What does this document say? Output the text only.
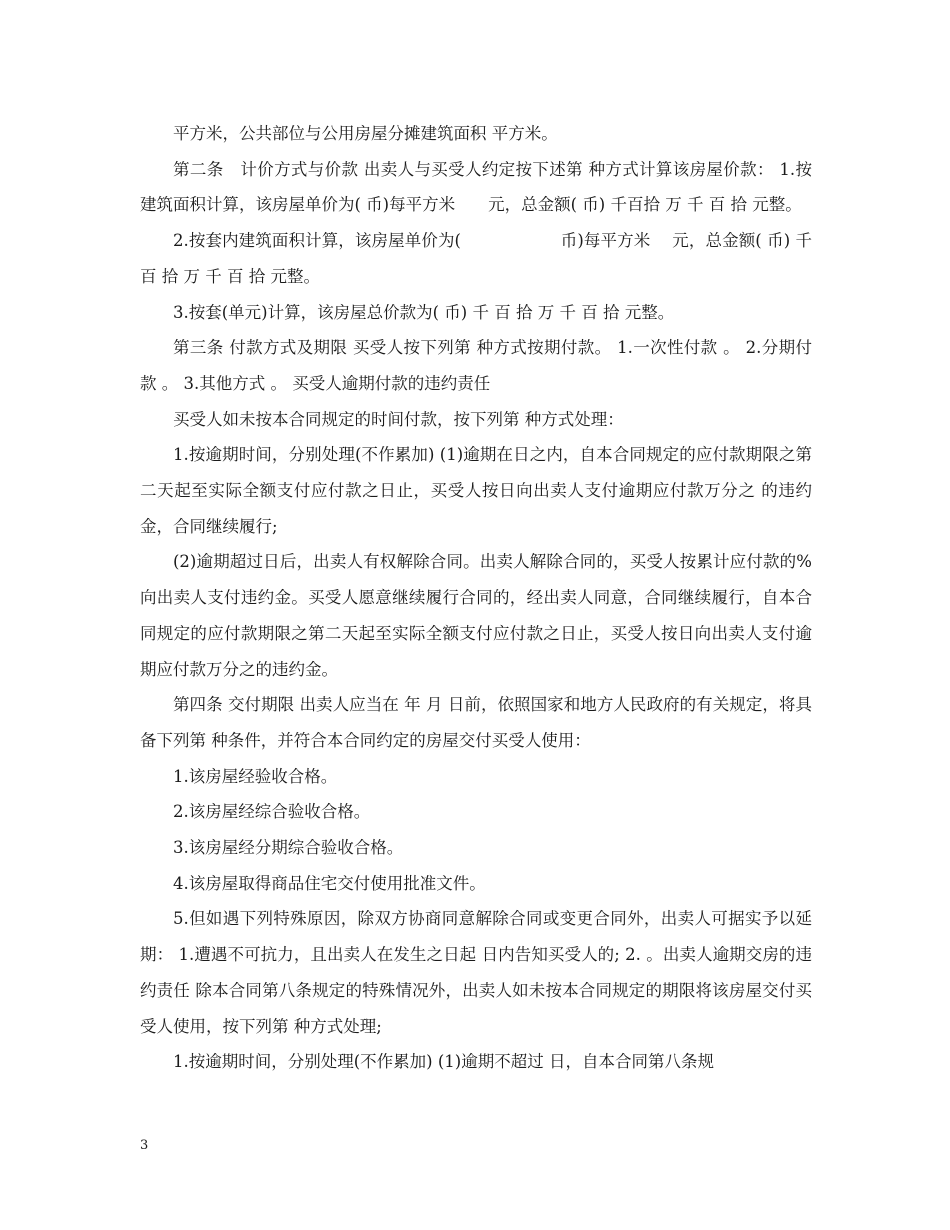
平方米，公共部位与公用房屋分摊建筑面积 平方米。

第二条　计价方式与价款 出卖人与买受人约定按下述第 种方式计算该房屋价款： 1.按建筑面积计算，该房屋单价为( 币)每平方米　　元，总金额( 币) 千百拾 万 千 百 拾 元整。

2.按套内建筑面积计算，该房屋单价为(　　　　　　币)每平方米　 元，总金额( 币) 千 百 拾 万 千 百 拾 元整。

3.按套(单元)计算，该房屋总价款为( 币) 千 百 拾 万 千 百 拾 元整。

第三条 付款方式及期限 买受人按下列第 种方式按期付款。 1.一次性付款 。 2.分期付款 。 3.其他方式 。 买受人逾期付款的违约责任

买受人如未按本合同规定的时间付款，按下列第 种方式处理：

1.按逾期时间，分别处理(不作累加) (1)逾期在日之内，自本合同规定的应付款期限之第二天起至实际全额支付应付款之日止，买受人按日向出卖人支付逾期应付款万分之 的违约金，合同继续履行;

(2)逾期超过日后，出卖人有权解除合同。出卖人解除合同的，买受人按累计应付款的%向出卖人支付违约金。买受人愿意继续履行合同的，经出卖人同意，合同继续履行，自本合同规定的应付款期限之第二天起至实际全额支付应付款之日止，买受人按日向出卖人支付逾期应付款万分之的违约金。

第四条 交付期限 出卖人应当在 年 月 日前，依照国家和地方人民政府的有关规定，将具备下列第 种条件，并符合本合同约定的房屋交付买受人使用：

1.该房屋经验收合格。

2.该房屋经综合验收合格。

3.该房屋经分期综合验收合格。

4.该房屋取得商品住宅交付使用批准文件。

5.但如遇下列特殊原因，除双方协商同意解除合同或变更合同外，出卖人可据实予以延期： 1.遭遇不可抗力，且出卖人在发生之日起 日内告知买受人的; 2. 。出卖人逾期交房的违约责任 除本合同第八条规定的特殊情况外，出卖人如未按本合同规定的期限将该房屋交付买受人使用，按下列第 种方式处理;

1.按逾期时间，分别处理(不作累加) (1)逾期不超过 日，自本合同第八条规

3
